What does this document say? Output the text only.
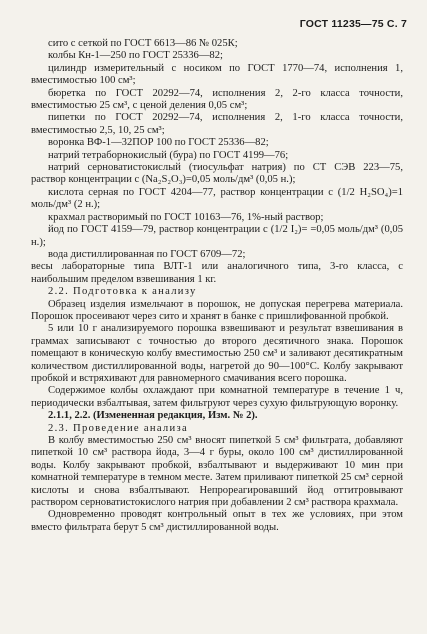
ГОСТ 11235—75 С. 7

сито с сеткой по ГОСТ 6613—86 № 025К;

колбы Кн-1—250 по ГОСТ 25336—82;

цилиндр измерительный с носиком по ГОСТ 1770—74, исполнения 1, вместимостью 100 см³;

бюретка по ГОСТ 20292—74, исполнения 2, 2-го класса точности, вместимостью 25 см³, с ценой деления 0,05 см³;

пипетки по ГОСТ 20292—74, исполнения 2, 1-го класса точности, вместимостью 2,5, 10, 25 см³;

воронка ВФ-1—32ПОР 100 по ГОСТ 25336—82;

натрий тетраборнокислый (бура) по ГОСТ 4199—76;

натрий серноватистокислый (тиосульфат натрия) по СТ СЭВ 223—75, раствор концентрации с (Na₂S₂O₃)=0,05 моль/дм³ (0,05 н.);

кислота серная по ГОСТ 4204—77, раствор концентрации с (1/2 H₂SO₄)=1 моль/дм³ (2 н.);

крахмал растворимый по ГОСТ 10163—76, 1%-ный раствор;

йод по ГОСТ 4159—79, раствор концентрации с (1/2 I₂)= =0,05 моль/дм³ (0,05 н.);

вода дистиллированная по ГОСТ 6709—72;

весы лабораторные типа ВЛТ-1 или аналогичного типа, 3-го класса, с наибольшим пределом взвешивания 1 кг.

2.2. Подготовка к анализу

Образец изделия измельчают в порошок, не допуская перегрева материала. Порошок просеивают через сито и хранят в банке с пришлифованной пробкой.

5 или 10 г анализируемого порошка взвешивают и результат взвешивания в граммах записывают с точностью до второго десятичного знака. Порошок помещают в коническую колбу вместимостью 250 см³ и заливают десятикратным количеством дистиллированной воды, нагретой до 90—100°С. Колбу закрывают пробкой и встряхивают для равномерного смачивания всего порошка.

Содержимое колбы охлаждают при комнатной температуре в течение 1 ч, периодически взбалтывая, затем фильтруют через сухую фильтрующую воронку.

2.1.1, 2.2. (Измененная редакция, Изм. № 2).

2.3. Проведение анализа

В колбу вместимостью 250 см³ вносят пипеткой 5 см³ фильтрата, добавляют пипеткой 10 см³ раствора йода, 3—4 г буры, около 100 см³ дистиллированной воды. Колбу закрывают пробкой, взбалтывают и выдерживают 10 мин при комнатной температуре в темном месте. Затем приливают пипеткой 25 см³ серной кислоты и снова взбалтывают. Непрореагировавший йод оттитровывают раствором серноватистокислого натрия при добавлении 2 см³ раствора крахмала.

Одновременно проводят контрольный опыт в тех же условиях, при этом вместо фильтрата берут 5 см³ дистиллированной воды.
